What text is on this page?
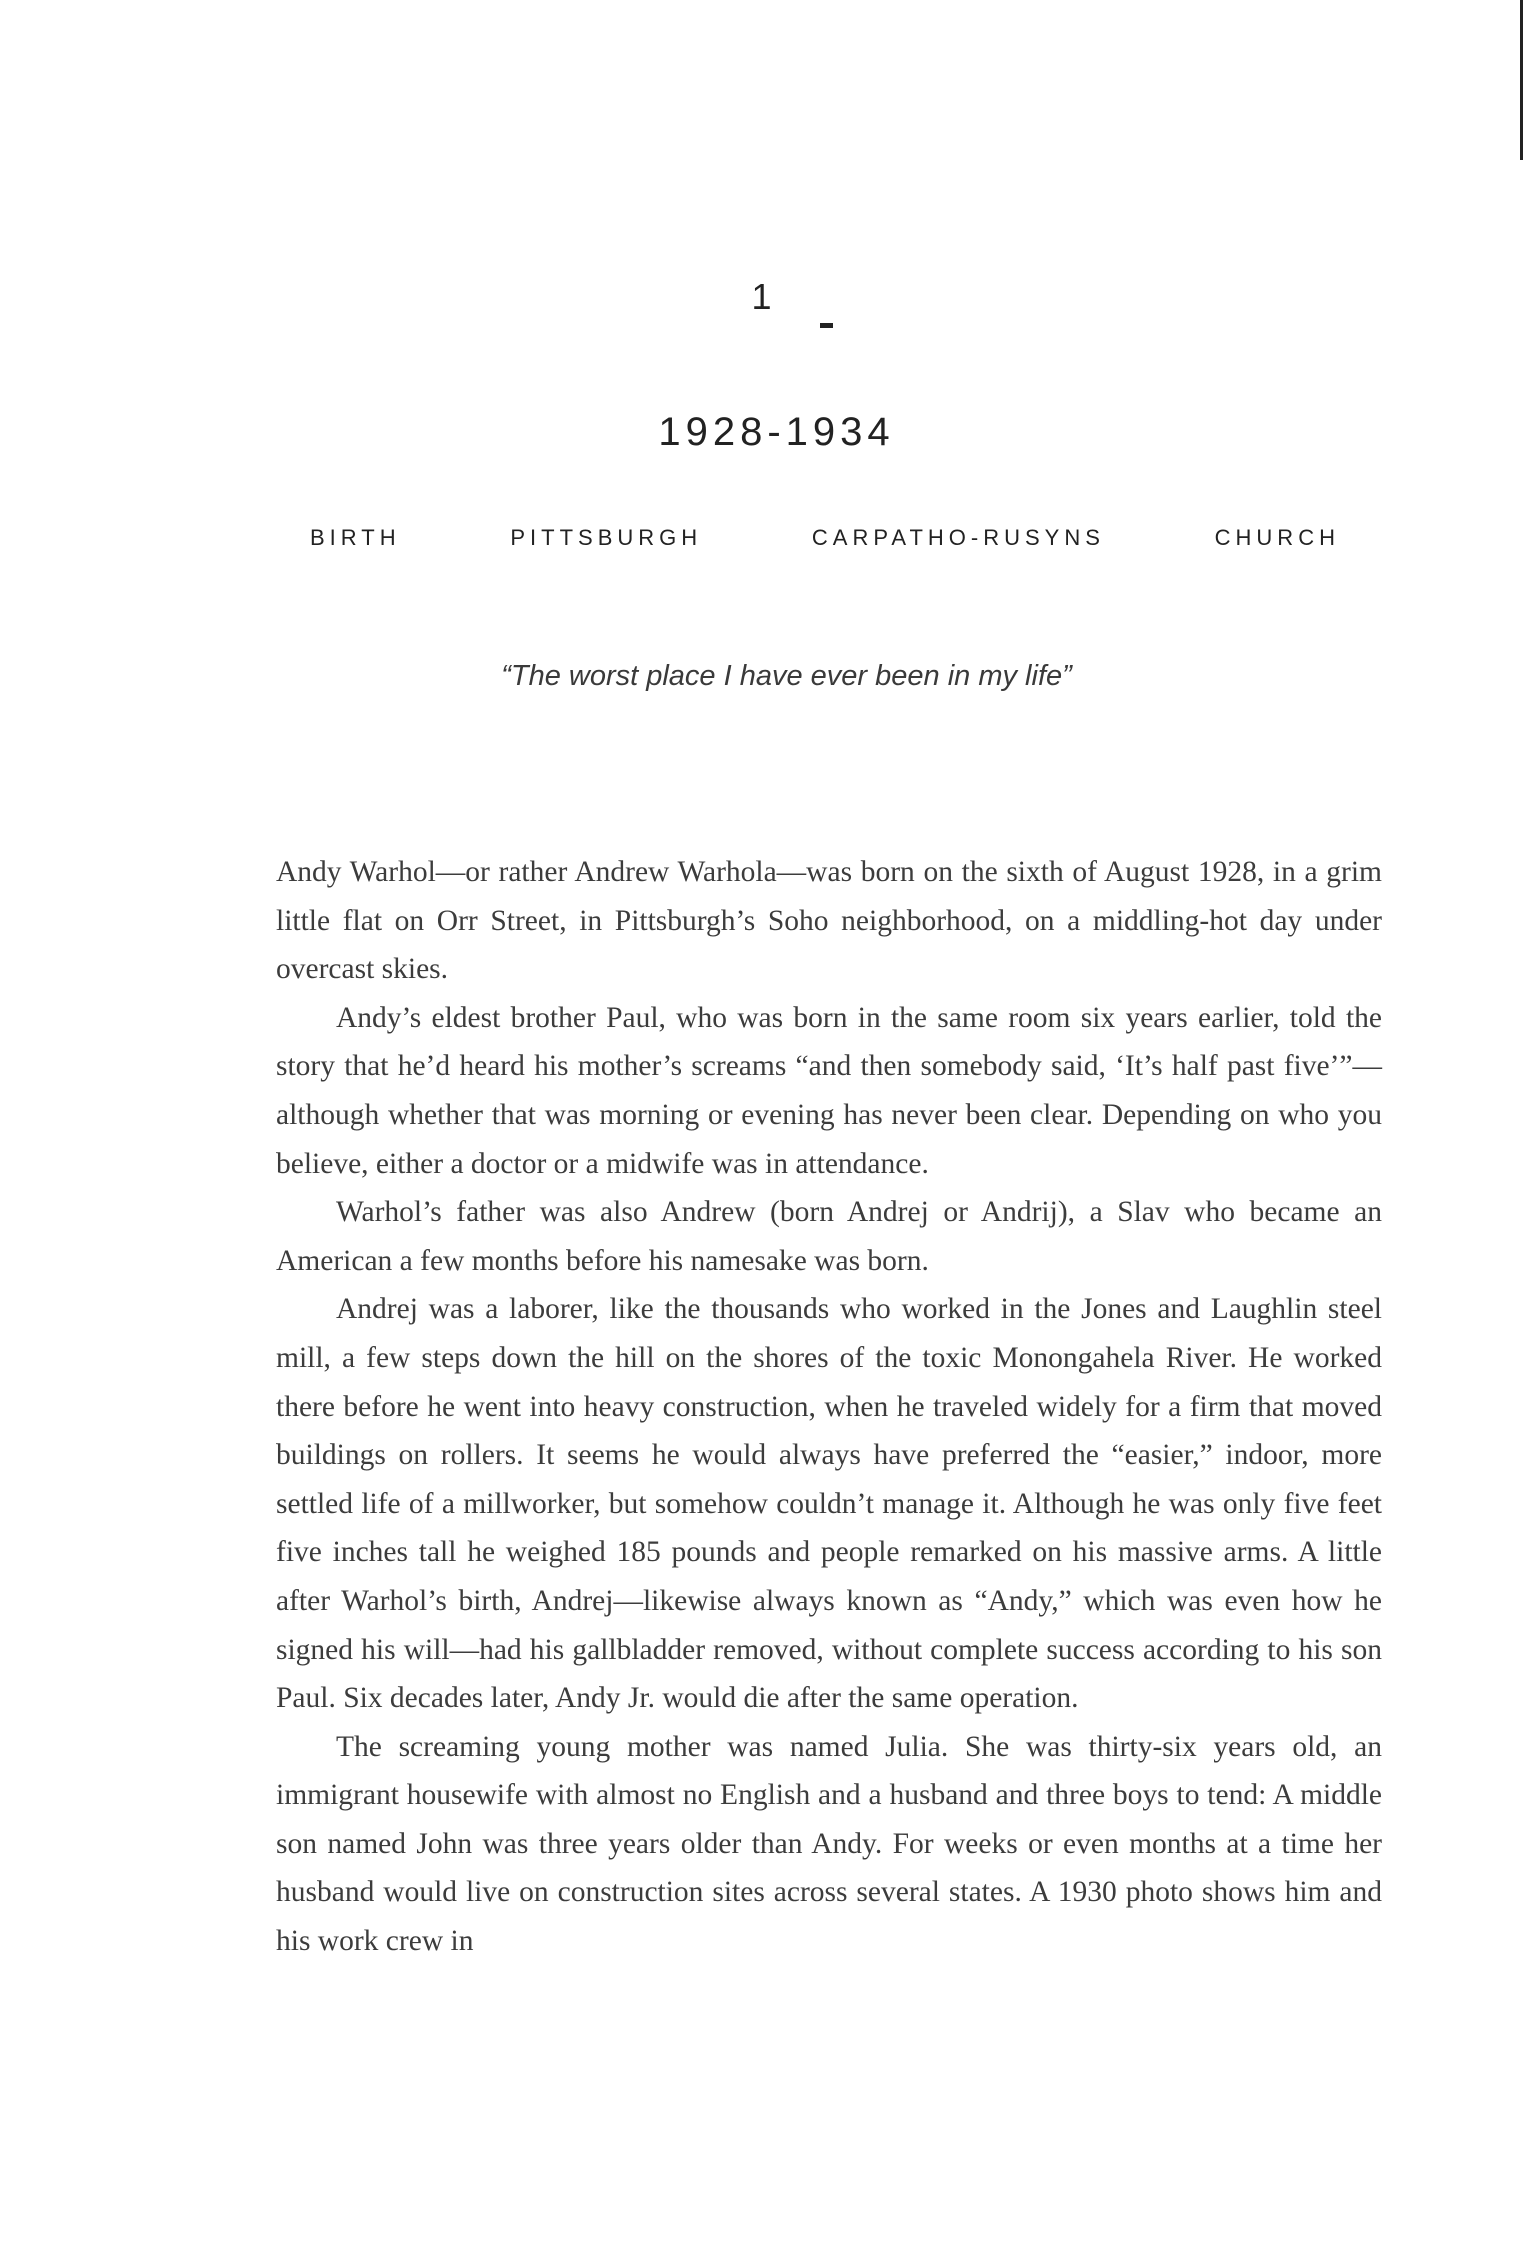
1
1928-1934
BIRTH	PITTSBURGH	CARPATHO-RUSYNS	CHURCH
“The worst place I have ever been in my life”

Andy Warhol—or rather Andrew Warhola—was born on the sixth of August 1928, in a grim little flat on Orr Street, in Pittsburgh’s Soho neighborhood, on a middling-hot day under overcast skies.

Andy’s eldest brother Paul, who was born in the same room six years earlier, told the story that he’d heard his mother’s screams “and then somebody said, ‘It’s half past five’”—although whether that was morning or evening has never been clear. Depending on who you believe, either a doctor or a midwife was in attendance.

Warhol’s father was also Andrew (born Andrej or Andrij), a Slav who became an American a few months before his namesake was born.

Andrej was a laborer, like the thousands who worked in the Jones and Laughlin steel mill, a few steps down the hill on the shores of the toxic Monongahela River. He worked there before he went into heavy construction, when he traveled widely for a firm that moved buildings on rollers. It seems he would always have preferred the “easier,” indoor, more settled life of a millworker, but somehow couldn’t manage it. Although he was only five feet five inches tall he weighed 185 pounds and people remarked on his massive arms. A little after Warhol’s birth, Andrej—likewise always known as “Andy,” which was even how he signed his will—had his gallbladder removed, without complete success according to his son Paul. Six decades later, Andy Jr. would die after the same operation.

The screaming young mother was named Julia. She was thirty-six years old, an immigrant housewife with almost no English and a husband and three boys to tend: A middle son named John was three years older than Andy. For weeks or even months at a time her husband would live on construction sites across several states. A 1930 photo shows him and his work crew in
